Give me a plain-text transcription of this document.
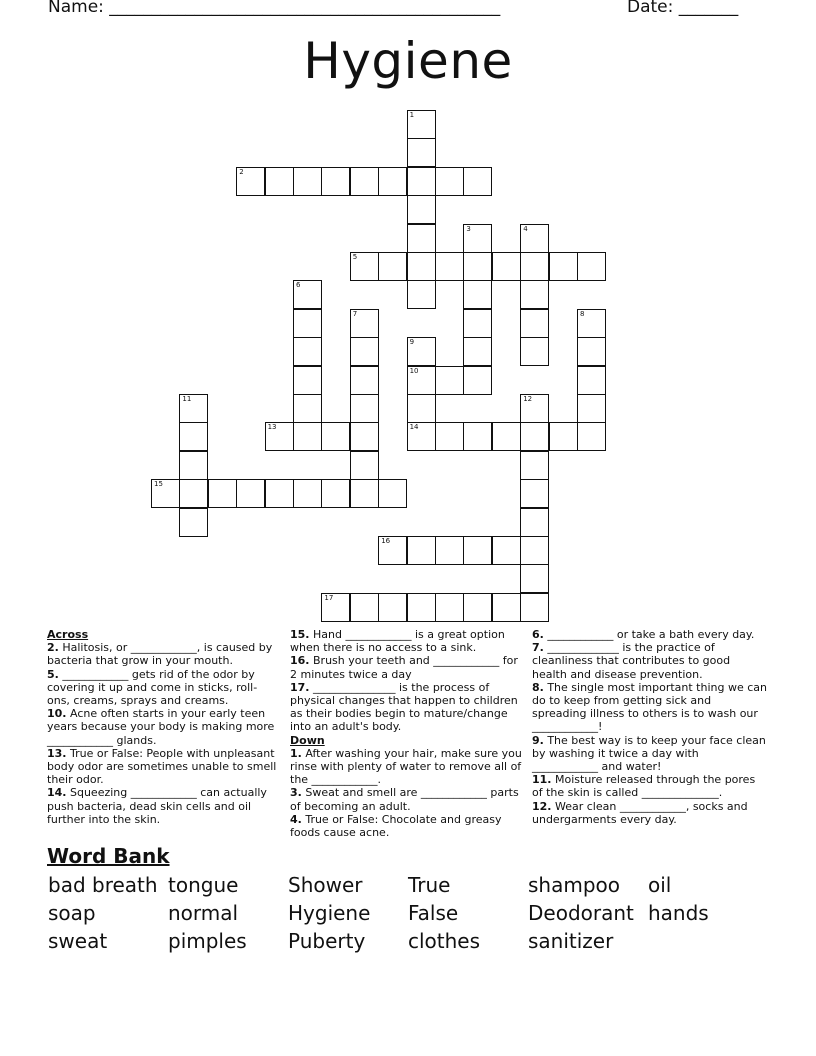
Name: ______________________________________________	Date: _______
Hygiene
1
2
3	4
5
6
7	8
9
10
14
11	12
13
15
16
17
Across
2. Halitosis, or ____________, is caused by bacteria that grow in your mouth.
5. ____________ gets rid of the odor by covering it up and come in sticks, roll-ons, creams, sprays and creams.
10. Acne often starts in your early teen years because your body is making more ____________ glands.
13. True or False: People with unpleasant body odor are sometimes unable to smell their odor.
14. Squeezing ____________ can actually push bacteria, dead skin cells and oil further into the skin.
15. Hand ____________ is a great option when there is no access to a sink.
16. Brush your teeth and ____________ for 2 minutes twice a day
17. _______________ is the process of physical changes that happen to children as their bodies begin to mature/change into an adult's body.
Down
1. After washing your hair, make sure you rinse with plenty of water to remove all of the ____________.
3. Sweat and smell are ____________ parts of becoming an adult.
4. True or False: Chocolate and greasy foods cause acne.
6. ____________ or take a bath every day.
7. _____________ is the practice of cleanliness that contributes to good health and disease prevention.
8. The single most important thing we can do to keep from getting sick and spreading illness to others is to wash our ____________!
9. The best way is to keep your face clean by washing it twice a day with ____________ and water!
11. Moisture released through the pores of the skin is called ______________.
12. Wear clean ____________, socks and undergarments every day.
Word Bank
bad breath tongue Shower True	shampoo oil
soap	normal Hygiene False	Deodorant hands
sweat	pimples Puberty clothes sanitizer
